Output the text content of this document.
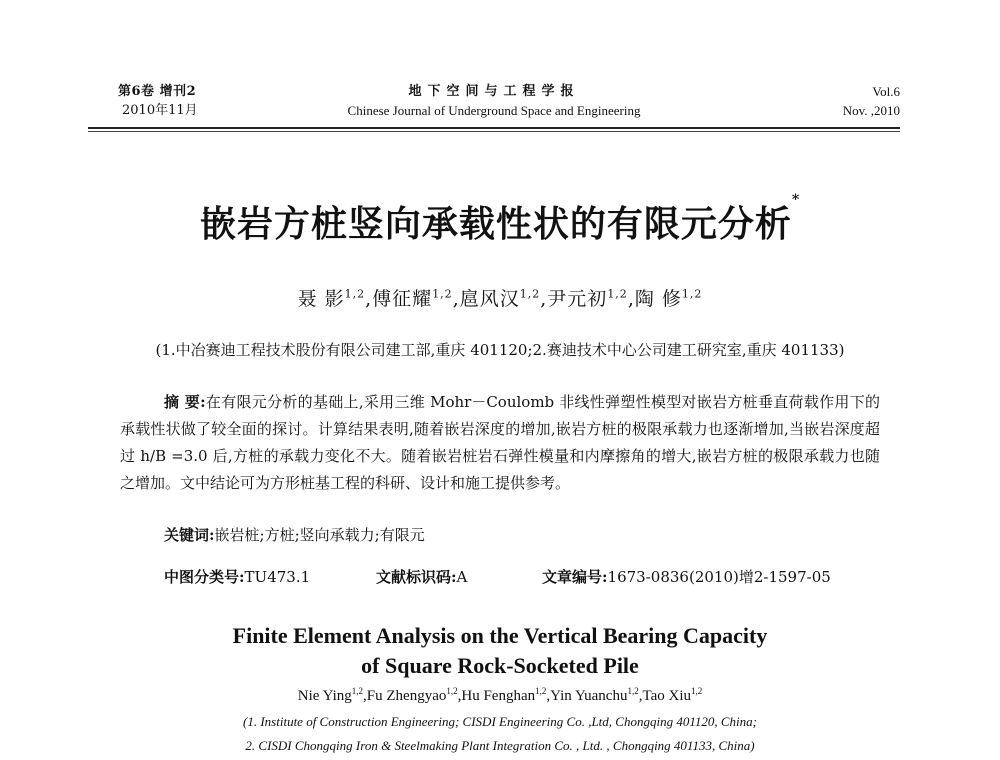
第6卷 增刊2
2010年11月
地下空间与工程学报
Chinese Journal of Underground Space and Engineering
Vol.6
Nov. ,2010
嵌岩方桩竖向承载性状的有限元分析*
聂 影$^{1,2}$,傅征耀$^{1,2}$,扈风汉$^{1,2}$,尹元初$^{1,2}$,陶 修$^{1,2}$
(1.中冶赛迪工程技术股份有限公司建工部,重庆 401120;2.赛迪技术中心公司建工研究室,重庆 401133)
摘 要:在有限元分析的基础上,采用三维 Mohr－Coulomb 非线性弹塑性模型对嵌岩方桩垂直荷载作用下的承载性状做了较全面的探讨。计算结果表明,随着嵌岩深度的增加,嵌岩方桩的极限承载力也逐渐增加,当嵌岩深度超过 h/B =3.0 后,方桩的承载力变化不大。随着嵌岩桩岩石弹性模量和内摩擦角的增大,嵌岩方桩的极限承载力也随之增加。文中结论可为方形桩基工程的科研、设计和施工提供参考。
关键词:嵌岩桩;方桩;竖向承载力;有限元
中图分类号:TU473.1	文献标识码:A	文章编号:1673-0836(2010)增2-1597-05
Finite Element Analysis on the Vertical Bearing Capacity
of Square Rock-Socketed Pile
Nie Ying$^{1,2}$,Fu Zhengyao$^{1,2}$,Hu Fenghan$^{1,2}$,Yin Yuanchu$^{1,2}$,Tao Xiu$^{1,2}$
(1. Institute of Construction Engineering; CISDI Engineering Co. ,Ltd, Chongqing 401120, China;
2. CISDI Chongqing Iron & Steelmaking Plant Integration Co. , Ltd. , Chongqing 401133, China)
